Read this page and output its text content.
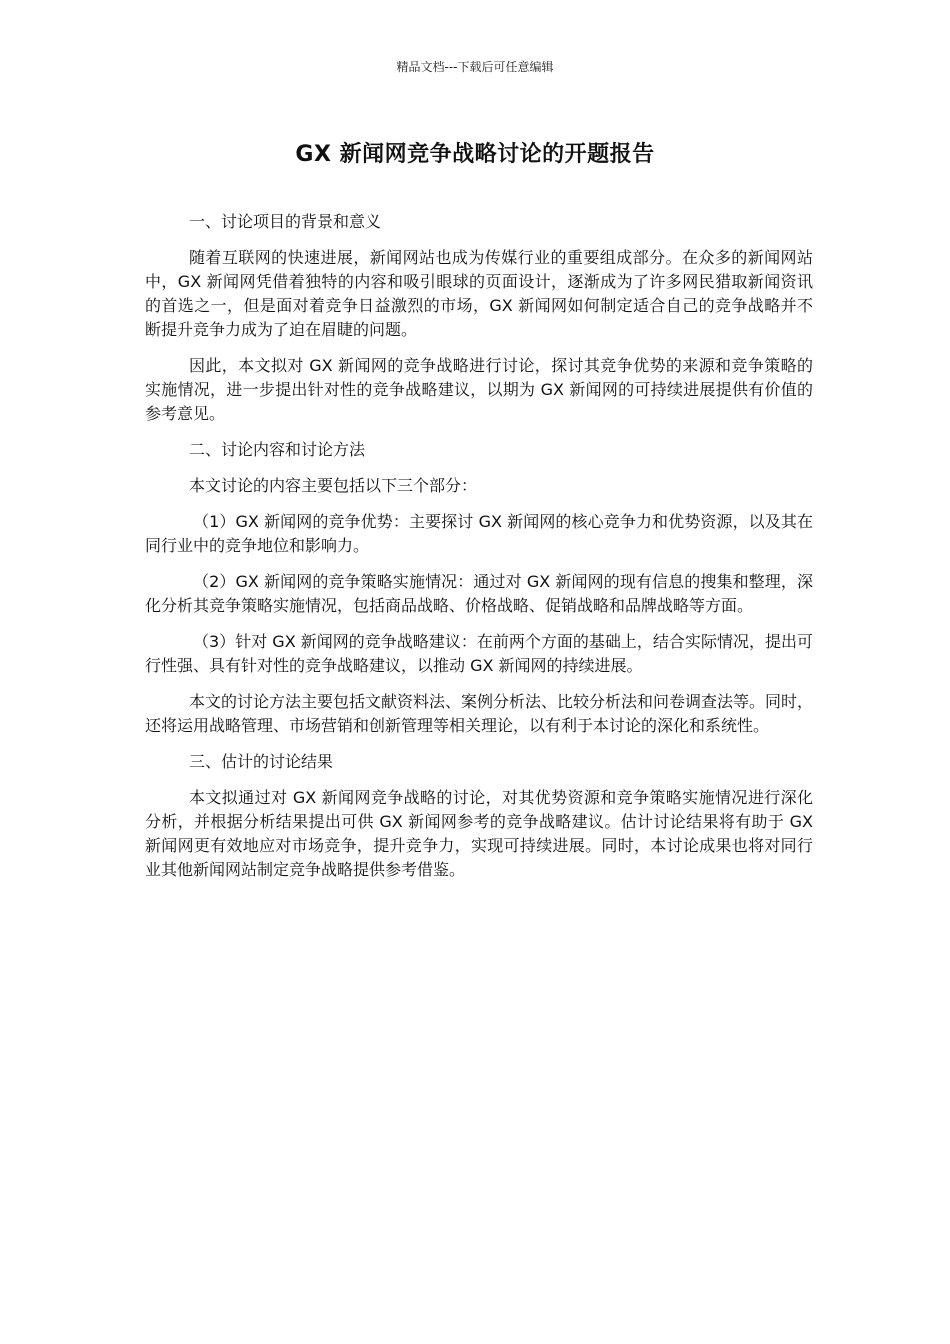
精品文档---下载后可任意编辑
GX 新闻网竞争战略讨论的开题报告

一、讨论项目的背景和意义

随着互联网的快速进展，新闻网站也成为传媒行业的重要组成部分。在众多的新闻网站中，GX 新闻网凭借着独特的内容和吸引眼球的页面设计，逐渐成为了许多网民猎取新闻资讯的首选之一，但是面对着竞争日益激烈的市场，GX 新闻网如何制定适合自己的竞争战略并不断提升竞争力成为了迫在眉睫的问题。

因此，本文拟对 GX 新闻网的竞争战略进行讨论，探讨其竞争优势的来源和竞争策略的实施情况，进一步提出针对性的竞争战略建议，以期为 GX 新闻网的可持续进展提供有价值的参考意见。

二、讨论内容和讨论方法

本文讨论的内容主要包括以下三个部分：

（1）GX 新闻网的竞争优势：主要探讨 GX 新闻网的核心竞争力和优势资源，以及其在同行业中的竞争地位和影响力。

（2）GX 新闻网的竞争策略实施情况：通过对 GX 新闻网的现有信息的搜集和整理，深化分析其竞争策略实施情况，包括商品战略、价格战略、促销战略和品牌战略等方面。

（3）针对 GX 新闻网的竞争战略建议：在前两个方面的基础上，结合实际情况，提出可行性强、具有针对性的竞争战略建议，以推动 GX 新闻网的持续进展。

本文的讨论方法主要包括文献资料法、案例分析法、比较分析法和问卷调查法等。同时，还将运用战略管理、市场营销和创新管理等相关理论，以有利于本讨论的深化和系统性。

三、估计的讨论结果

本文拟通过对 GX 新闻网竞争战略的讨论，对其优势资源和竞争策略实施情况进行深化分析，并根据分析结果提出可供 GX 新闻网参考的竞争战略建议。估计讨论结果将有助于 GX 新闻网更有效地应对市场竞争，提升竞争力，实现可持续进展。同时，本讨论成果也将对同行业其他新闻网站制定竞争战略提供参考借鉴。
